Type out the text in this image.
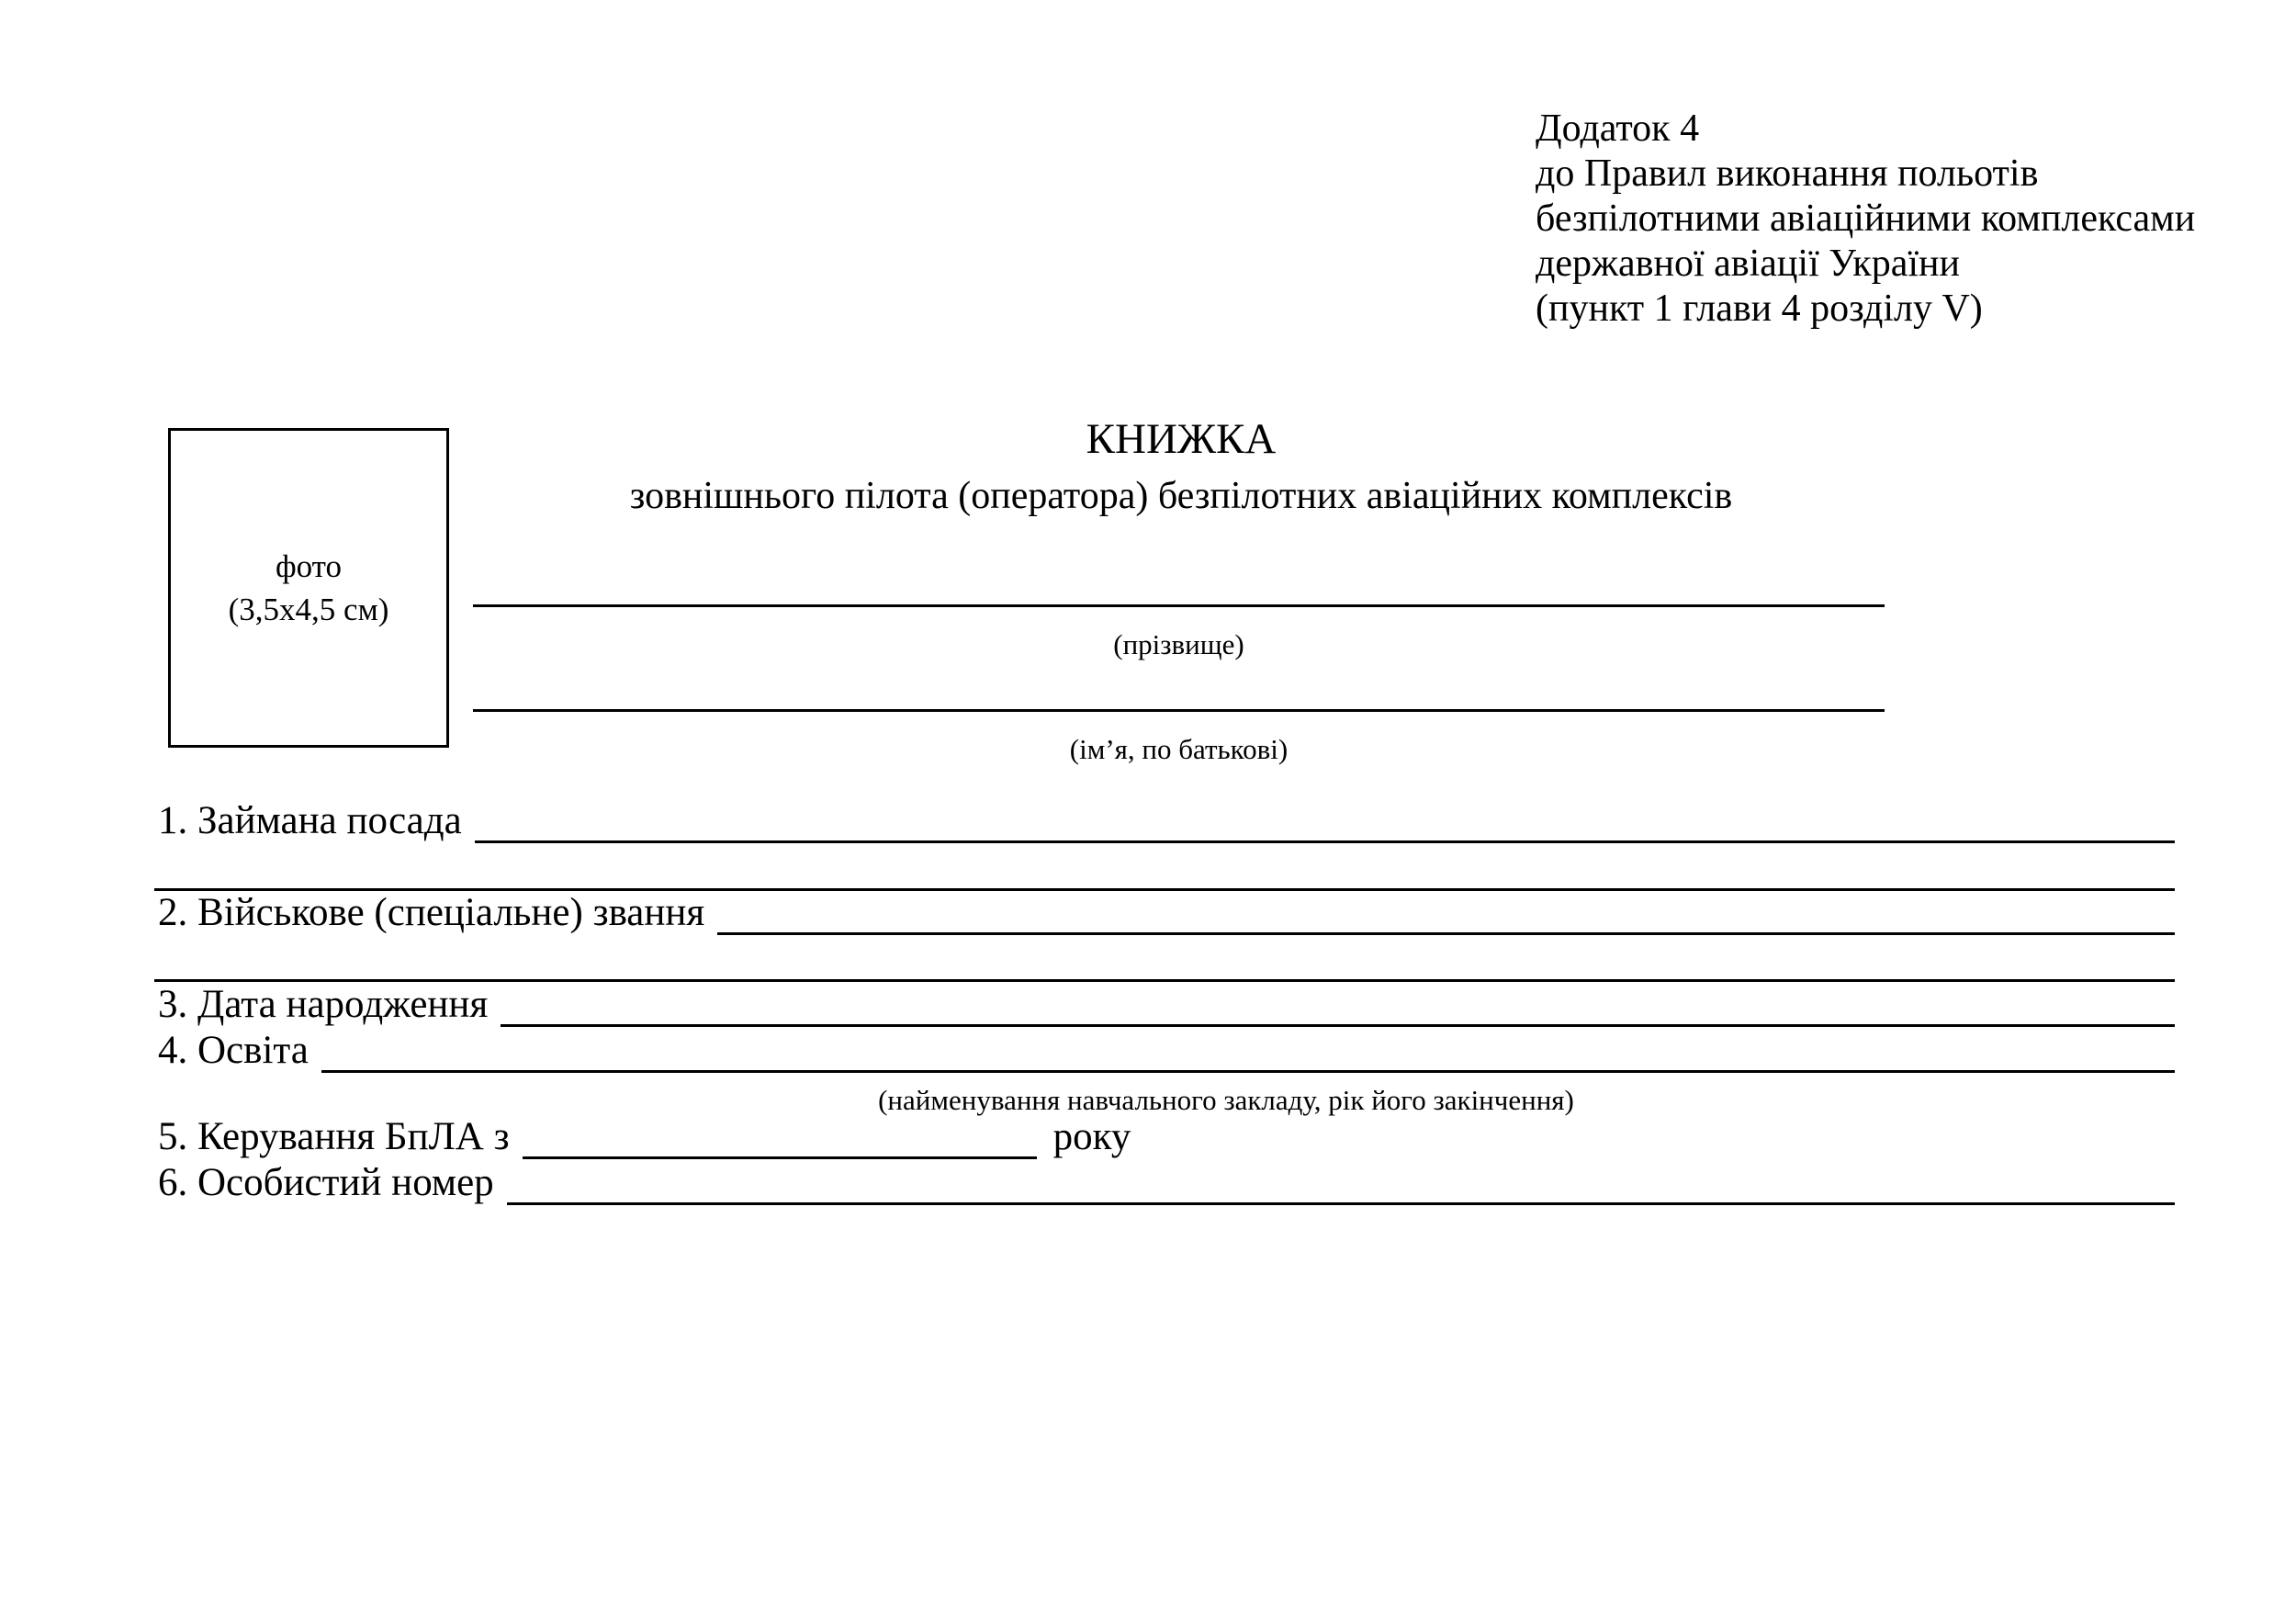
Додаток 4
до Правил виконання польотів
безпілотними авіаційними комплексами
державної авіації України
(пункт 1 глави 4 розділу V)
фото
(3,5х4,5 см)
КНИЖКА
зовнішнього пілота (оператора) безпілотних авіаційних комплексів
(прізвище)
(ім’я, по батькові)
1. Займана посада
2. Військове (спеціальне) звання
3. Дата народження
4. Освіта
(найменування навчального закладу, рік його закінчення)
5. Керування БпЛА з	року
6. Особистий номер
